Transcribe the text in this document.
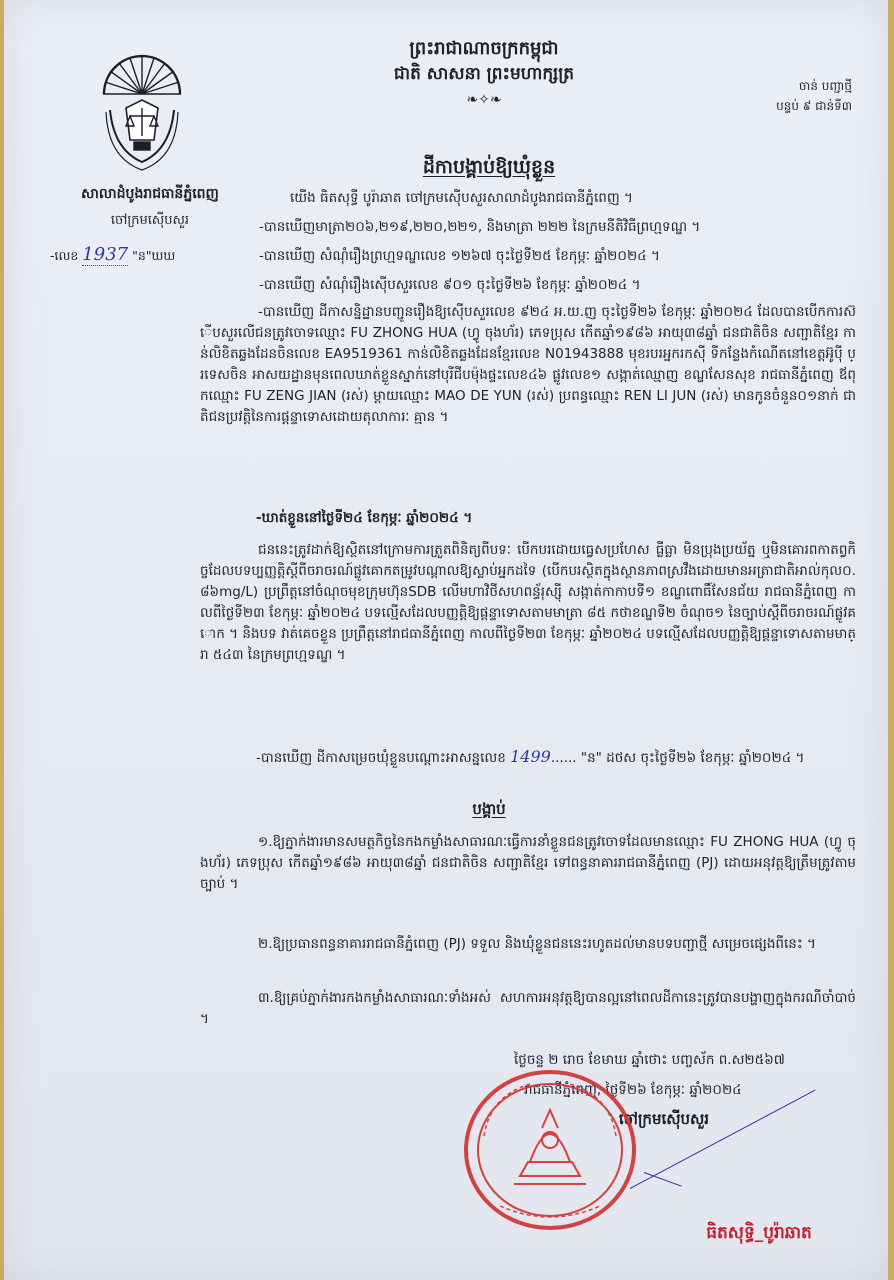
សាលាដំបូងរាជធានីភ្នំពេញ
ចៅក្រមស៊ើបសួរ
-លេខ 1937 "ន"ឃឃ
ព្រះរាជាណាចក្រកម្ពុជា
ជាតិ សាសនា ព្រះមហាក្សត្រ
❧✧❧
ចាន់ បញ្ជាថ្មី
បន្ទប់ ៩ ជាន់ទី៣
ដីកាបង្គាប់ឱ្យឃុំខ្លួន
យើង ធិតសុទ្ធី បូរ៉ាឆាត ចៅក្រមស៊ើបសួរសាលាដំបូងរាជធានីភ្នំពេញ ។
-បានឃើញមាត្រា២០៦,២១៩,២២០,២២១, និងមាត្រា ២២២ នៃក្រមនីតិវិធីព្រហ្មទណ្ឌ ។
-បានឃើញ សំណុំរឿងព្រហ្មទណ្ឌលេខ ១២៦៧ ចុះថ្ងៃទី២៥ ខែកុម្ភៈ ឆ្នាំ២០២៤ ។
-បានឃើញ សំណុំរឿងស៊ើបសួរលេខ ៩០១ ចុះថ្ងៃទី២៦ ខែកុម្ភៈ ឆ្នាំ២០២៤ ។
-បានឃើញ ដីកាសន្និដ្ឋានបញ្ជូនរឿងឱ្យស៊ើបសួរលេខ ៩២៤ អ.យ.ញ ចុះថ្ងៃទី២៦ ខែកុម្ភៈ ឆ្នាំ២០២៤ ដែលបានបើកការស៊ើបសួរលើជនត្រូវចោទឈ្មោះ FU ZHONG HUA (ហ្វូ ចុងហ័រ) ភេទប្រុស កើតឆ្នាំ១៩៨៦ អាយុ៣៨ឆ្នាំ ជនជាតិចិន សញ្ជាតិខ្មែរ កាន់លិខិតឆ្លងដែនចិនលេខ EA9519361 កាន់លិខិតឆ្លងដែនខ្មែរលេខ N01943888 មុខរបរអ្នករកស៊ី ទីកន្លែងកំណើតនៅខេត្តអ៊ូប៉ី ប្រទេសចិន អាសយដ្ឋានមុនពេលឃាត់ខ្លួនស្នាក់នៅបុរីជីបម៉ុងផ្ទះលេខ៤៦ ផ្លូវលេខ១ សង្កាត់ឈ្មោញ ខណ្ឌសែនសុខ រាជធានីភ្នំពេញ ឪពុកឈ្មោះ FU ZENG JIAN (រស់) ម្ដាយឈ្មោះ MAO DE YUN (រស់) ប្រពន្ធឈ្មោះ REN LI JUN (រស់) មានកូនចំនួន០១នាក់ ជាតិជនប្រវត្តិនៃការផ្ដន្ទាទោសដោយតុលាការៈ គ្មាន ។
-ឃាត់ខ្លួននៅថ្ងៃទី២៤ ខែកុម្ភៈ ឆ្នាំ២០២៤ ។
ជននេះត្រូវដាក់ឱ្យស្ថិតនៅក្រោមការត្រួតពិនិត្យពីបទៈ បើកបរដោយធ្វេសប្រហែស ធ្លីធ្លា មិនប្រុងប្រយ័ត្ន ឬមិនគោរពកាតព្វកិច្ចដែលបទប្បញ្ញត្តិស្ដីពីចរាចរណ៍ផ្លូវគោកតម្រូវបណ្ដាលឱ្យស្លាប់អ្នកដទៃ (បើកបរស្ថិតក្នុងស្ថានភាពស្រវឹងដោយមានអត្រាជាតិអាល់កុល០.៨៦mg/L) ប្រព្រឹត្តនៅចំណុចមុខក្រុមហ៊ុនSDB លើមហាវិថីសហពន្ធ័រុស្ស៊ី សង្កាត់កាកាបទី១ ខណ្ឌពោធិ៍សែនជ័យ រាជធានីភ្នំពេញ កាលពីថ្ងៃទី២៣ ខែកុម្ភៈ ឆ្នាំ២០២៤ បទល្មើសដែលបញ្ញត្តិឱ្យផ្ដន្ទាទោសតាមមាត្រា ៨៥ កថាខណ្ឌទី២ ចំណុច១ នៃច្បាប់ស្ដីពីចរាចរណ៍ផ្លូវគោក ។ និងបទ វាត់គេចខ្លួន ប្រព្រឹត្តនៅរាជធានីភ្នំពេញ កាលពីថ្ងៃទី២៣ ខែកុម្ភៈ ឆ្នាំ២០២៤ បទល្មើសដែលបញ្ញត្តិឱ្យផ្ដន្ទាទោសតាមមាត្រា ៥៤៣ នៃក្រមព្រហ្មទណ្ឌ ។
-បានឃើញ ដីកាសម្រេចឃុំខ្លួនបណ្ដោះអាសន្នលេខ 1499...... "ន" ដថស ចុះថ្ងៃទី២៦ ខែកុម្ភៈ ឆ្នាំ២០២៤ ។
បង្គាប់
១.ឱ្យភ្នាក់ងារមានសមត្ថកិច្ចនៃកងកម្លាំងសាធារណៈធ្វើការនាំខ្លួនជនត្រូវចោទដែលមានឈ្មោះ FU ZHONG HUA (ហ្វូ ចុងហ័រ) ភេទប្រុស កើតឆ្នាំ១៩៨៦ អាយុ៣៨ឆ្នាំ ជនជាតិចិន សញ្ជាតិខ្មែរ ទៅពន្ធនាគាររាជធានីភ្នំពេញ (PJ) ដោយអនុវត្តឱ្យត្រឹមត្រូវតាមច្បាប់ ។
២.ឱ្យប្រធានពន្ធនាគាររាជធានីភ្នំពេញ (PJ) ទទួល និងឃុំខ្លួនជននេះរហូតដល់មានបទបញ្ជាថ្មី សម្រេចផ្សេងពីនេះ ។
៣.ឱ្យគ្រប់ភ្នាក់ងារកងកម្លាំងសាធារណៈទាំងអស់ សហការអនុវត្តឱ្យបានល្អនៅពេលដីកានេះត្រូវបានបង្ហាញក្នុងករណីចាំបាច់ ។
ថ្ងៃចន្ទ ២ រោច ខែមាឃ ឆ្នាំថោះ បញ្ចស័ក ព.ស២៥៦៧
រាជធានីភ្នំពេញ, ថ្ងៃទី២៦ ខែកុម្ភៈ ឆ្នាំ២០២៤
ចៅក្រមស៊ើបសួរ
ធិតសុទ្ធិ_បូរ៉ាឆាត
